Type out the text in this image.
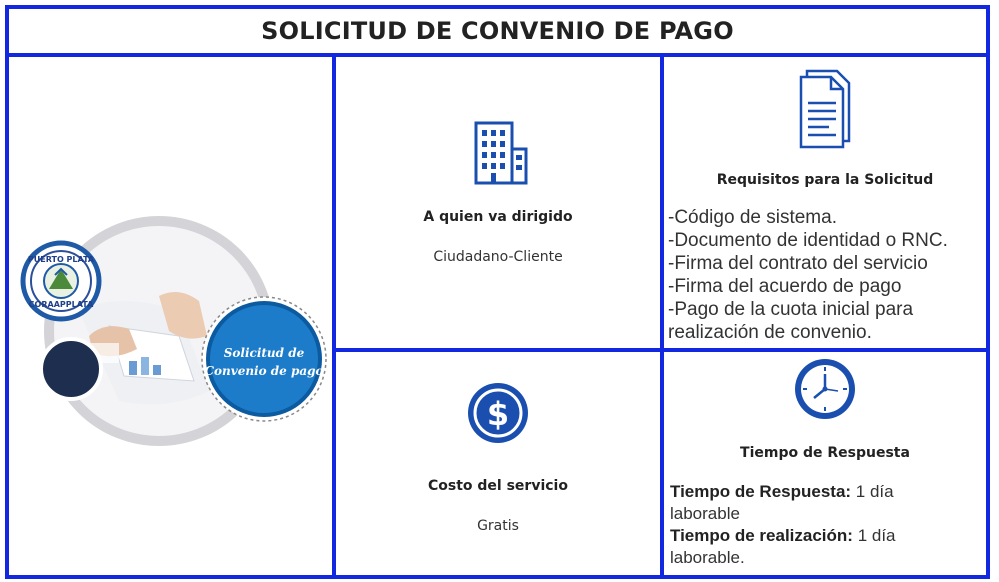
SOLICITUD DE CONVENIO DE PAGO
PUERTO PLATA
CORAAPPLATA
Solicitud de
Convenio de pago
A quien va dirigido
Ciudadano-Cliente
Requisitos para la Solicitud
-Código de sistema.
-Documento de identidad o RNC.
-Firma del contrato del servicio
-Firma del acuerdo de pago
-Pago de la cuota inicial para
realización de convenio.
$
Costo del servicio
Gratis
Tiempo de Respuesta
Tiempo de Respuesta: 1 día
laborable
Tiempo de realización: 1 día
laborable.
